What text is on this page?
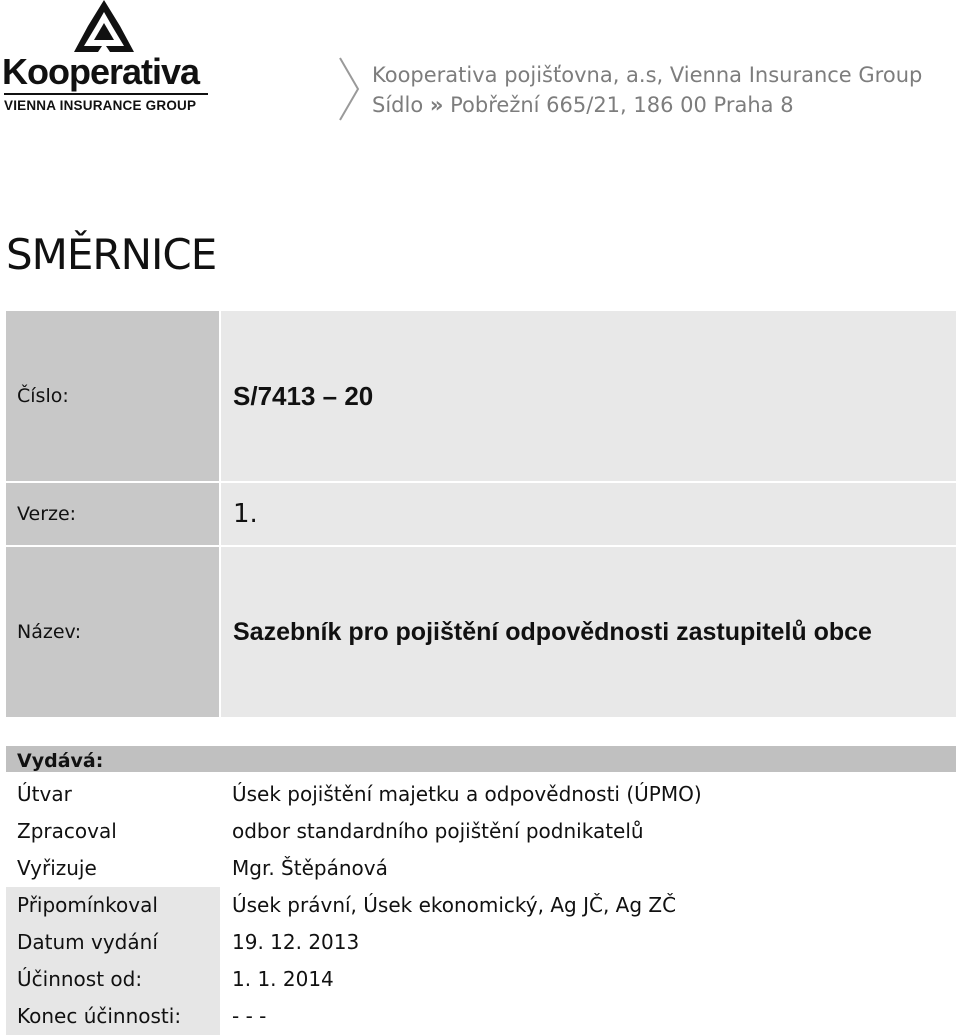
Kooperativa
VIENNA INSURANCE GROUP
Kooperativa pojišťovna, a.s, Vienna Insurance Group
Sídlo » Pobřežní 665/21, 186 00 Praha 8
SMĚRNICE
Číslo:	S/7413 – 20

Verze:	1.

Název:	Sazebník pro pojištění odpovědnosti zastupitelů obce
Vydává:
Útvar	Úsek pojištění majetku a odpovědnosti (ÚPMO)
Zpracoval	odbor standardního pojištění podnikatelů
Vyřizuje	Mgr. Štěpánová
Připomínkoval	Úsek právní, Úsek ekonomický, Ag JČ, Ag ZČ
Datum vydání	19. 12. 2013
Účinnost od:	1. 1. 2014
Konec účinnosti:	- - -
